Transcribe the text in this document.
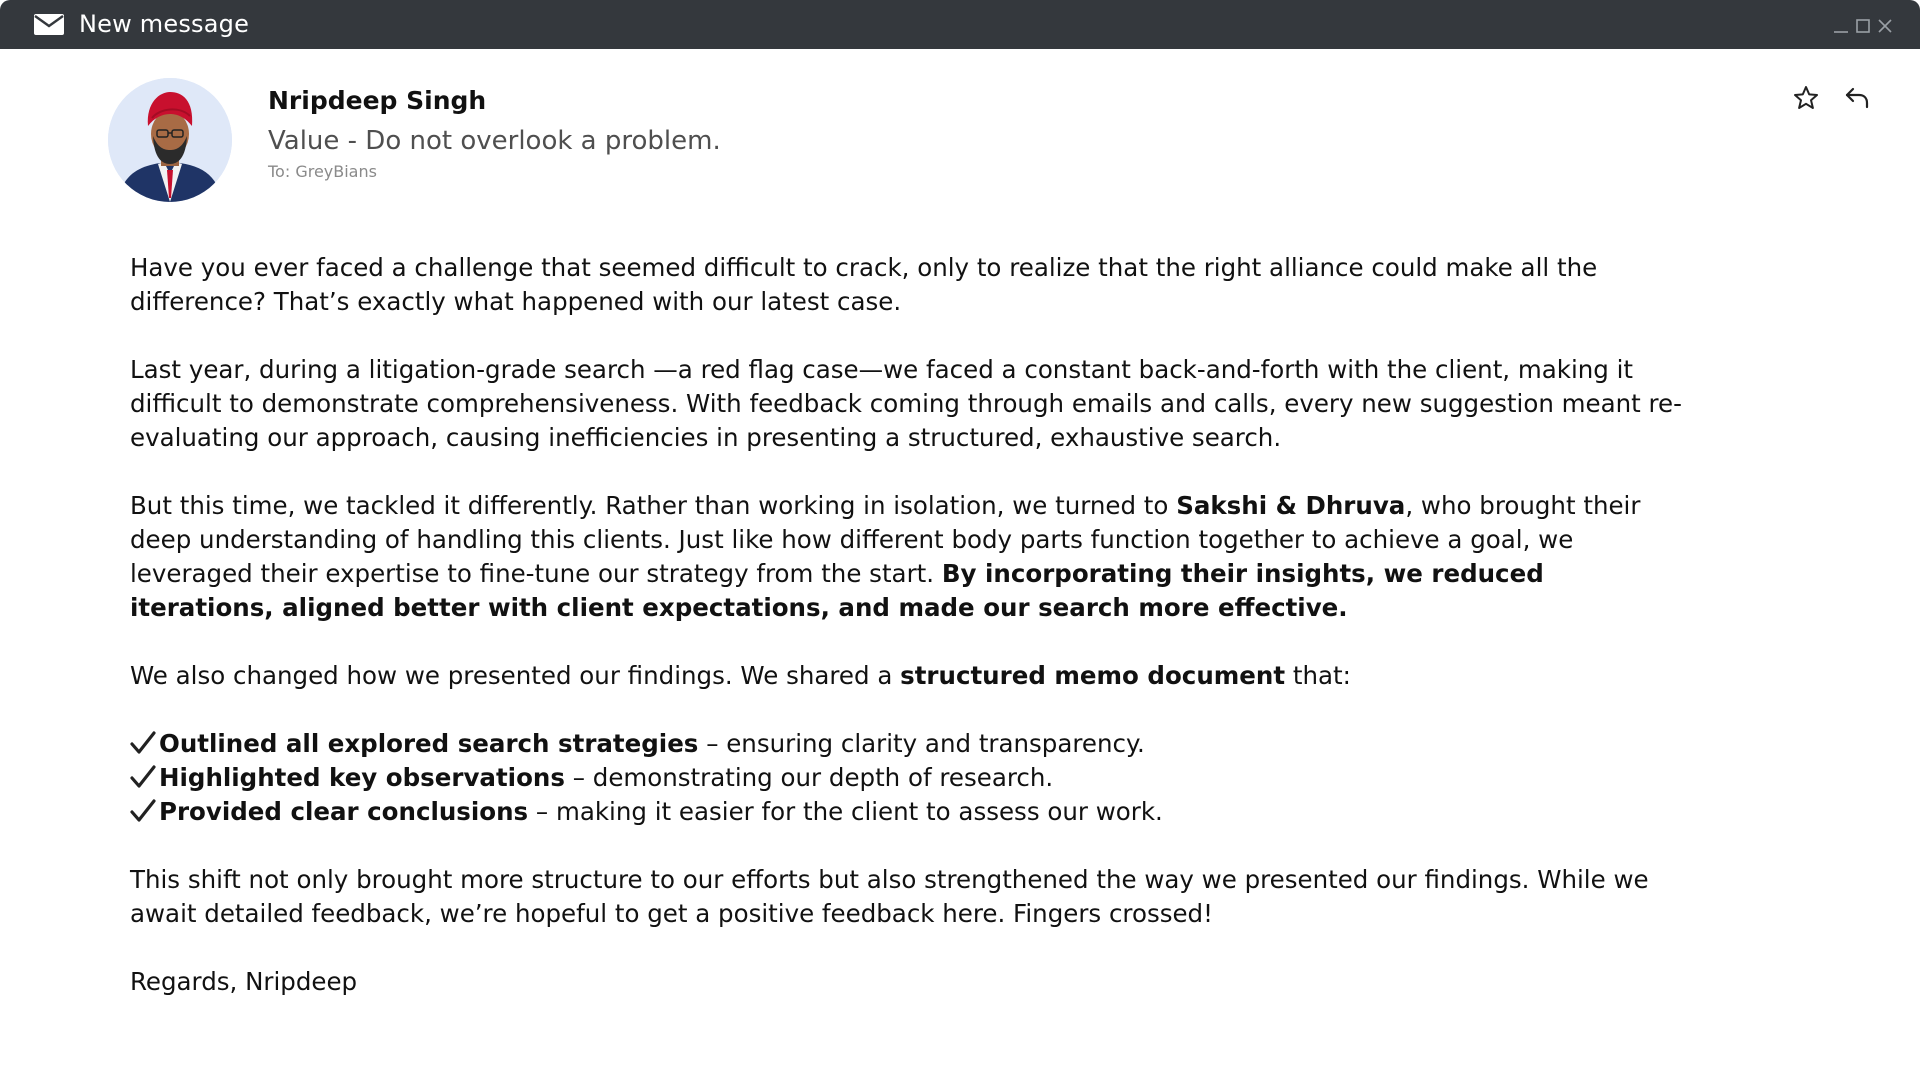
New message
Nripdeep Singh
Value - Do not overlook a problem.
To: GreyBians

Have you ever faced a challenge that seemed difficult to crack, only to realize that the right alliance could make all the difference? That’s exactly what happened with our latest case.

Last year, during a litigation-grade search —a red flag case—we faced a constant back-and-forth with the client, making it difficult to demonstrate comprehensiveness. With feedback coming through emails and calls, every new suggestion meant re-evaluating our approach, causing inefficiencies in presenting a structured, exhaustive search.

But this time, we tackled it differently. Rather than working in isolation, we turned to Sakshi & Dhruva, who brought their deep understanding of handling this clients. Just like how different body parts function together to achieve a goal, we leveraged their expertise to fine-tune our strategy from the start. By incorporating their insights, we reduced iterations, aligned better with client expectations, and made our search more effective.

We also changed how we presented our findings. We shared a structured memo document that:

Outlined all explored search strategies – ensuring clarity and transparency.
Highlighted key observations – demonstrating our depth of research.
Provided clear conclusions – making it easier for the client to assess our work.

This shift not only brought more structure to our efforts but also strengthened the way we presented our findings. While we await detailed feedback, we’re hopeful to get a positive feedback here. Fingers crossed!

Regards, Nripdeep
